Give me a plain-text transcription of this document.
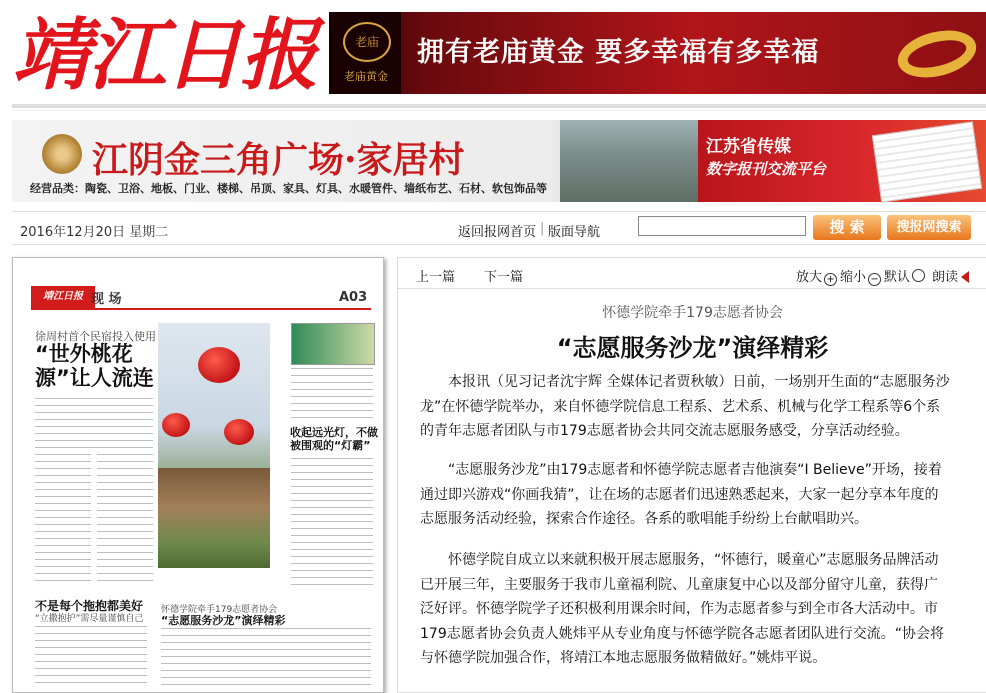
靖江日报	老庙
老庙黄金
拥有老庙黄金 要多幸福有多幸福
江阴金三角广场·家居村
经营品类：陶瓷、卫浴、地板、门业、楼梯、吊顶、家具、灯具、水暖管件、墙纸布艺、石材、软包饰品等
江苏省传媒
数字报刊交流平台
2016年12月20日 星期二	返回报网首页 | 版面导航	搜 索	搜报网搜索
靖江日报 现 场	A03
徐周村首个民宿投入使用
“世外桃花源”让人流连
收起远光灯，不做被围观的“灯霸”
不是每个拖抱都美好
“立撒抱护”需尽量谨慎自己
怀德学院牵手179志愿者协会
“志愿服务沙龙”演绎精彩
上一篇 下一篇	放大 + 缩小 − 默认	朗读
怀德学院牵手179志愿者协会
“志愿服务沙龙”演绎精彩

本报讯（见习记者沈宇辉 全媒体记者贾秋敏）日前，一场别开生面的“志愿服务沙龙”在怀德学院举办，来自怀德学院信息工程系、艺术系、机械与化学工程系等6个系的青年志愿者团队与市179志愿者协会共同交流志愿服务感受，分享活动经验。

“志愿服务沙龙”由179志愿者和怀德学院志愿者吉他演奏“I Believe”开场，接着通过即兴游戏“你画我猜”，让在场的志愿者们迅速熟悉起来，大家一起分享本年度的志愿服务活动经验，探索合作途径。各系的歌唱能手纷纷上台献唱助兴。

怀德学院自成立以来就积极开展志愿服务，“怀德行，暖童心”志愿服务品牌活动已开展三年，主要服务于我市儿童福利院、儿童康复中心以及部分留守儿童，获得广泛好评。怀德学院学子还积极利用课余时间，作为志愿者参与到全市各大活动中。市179志愿者协会负责人姚炜平从专业角度与怀德学院各志愿者团队进行交流。“协会将与怀德学院加强合作，将靖江本地志愿服务做精做好。”姚炜平说。
